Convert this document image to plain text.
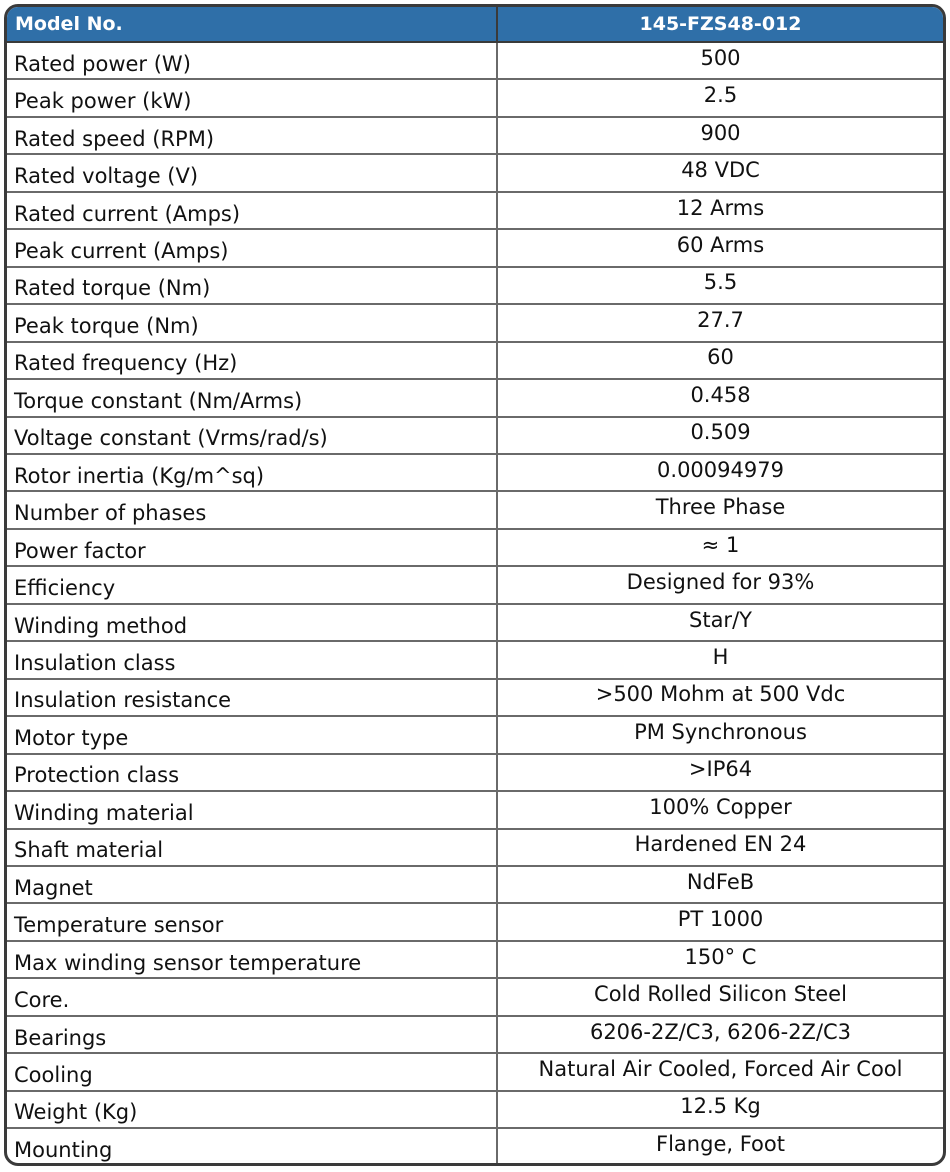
Model No.	145-FZS48-012
Rated power (W)	500
Peak power (kW)	2.5
Rated speed (RPM)	900
Rated voltage (V)	48 VDC
Rated current (Amps)	12 Arms
Peak current (Amps)	60 Arms
Rated torque (Nm)	5.5
Peak torque (Nm)	27.7
Rated frequency (Hz)	60
Torque constant (Nm/Arms)	0.458
Voltage constant (Vrms/rad/s)	0.509
Rotor inertia (Kg/m^sq)	0.00094979
Number of phases	Three Phase
Power factor	≈ 1
Efficiency	Designed for 93%
Winding method	Star/Y
Insulation class	H
Insulation resistance	>500 Mohm at 500 Vdc
Motor type	PM Synchronous
Protection class	>IP64
Winding material	100% Copper
Shaft material	Hardened EN 24
Magnet	NdFeB
Temperature sensor	PT 1000
Max winding sensor temperature	150° C
Core.	Cold Rolled Silicon Steel
Bearings	6206-2Z/C3, 6206-2Z/C3
Cooling	Natural Air Cooled, Forced Air Cool
Weight (Kg)	12.5 Kg
Mounting	Flange, Foot
